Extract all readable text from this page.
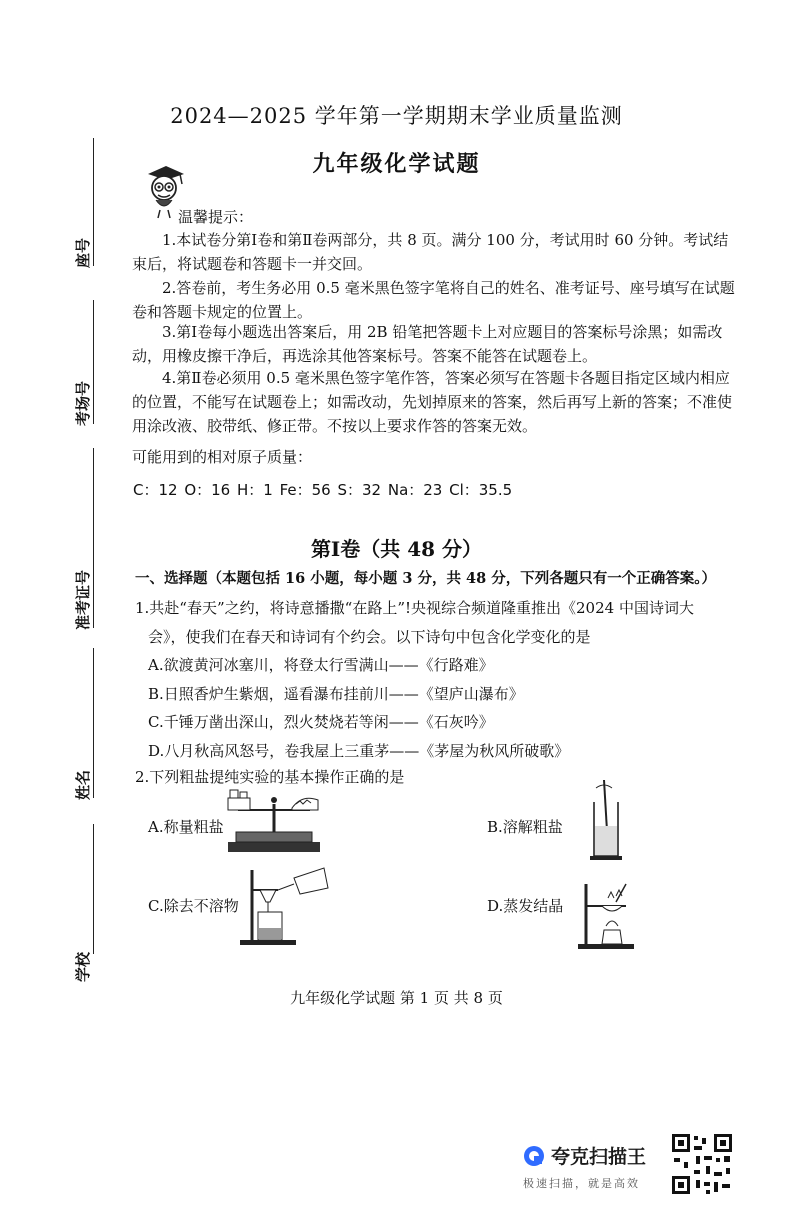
2024—2025 学年第一学期期末学业质量监测
九年级化学试题
温馨提示：
1.本试卷分第Ⅰ卷和第Ⅱ卷两部分，共 8 页。满分 100 分，考试用时 60 分钟。考试结束后，将试题卷和答题卡一并交回。
2.答卷前，考生务必用 0.5 毫米黑色签字笔将自己的姓名、准考证号、座号填写在试题卷和答题卡规定的位置上。
3.第Ⅰ卷每小题选出答案后，用 2B 铅笔把答题卡上对应题目的答案标号涂黑；如需改动，用橡皮擦干净后，再选涂其他答案标号。答案不能答在试题卷上。
4.第Ⅱ卷必须用 0.5 毫米黑色签字笔作答，答案必须写在答题卡各题目指定区域内相应的位置，不能写在试题卷上；如需改动，先划掉原来的答案，然后再写上新的答案；不准使用涂改液、胶带纸、修正带。不按以上要求作答的答案无效。
可能用到的相对原子质量：
C：12 O：16 H：1 Fe：56 S：32 Na：23 Cl：35.5
座号
考场号
准考证号
姓名
学校
第Ⅰ卷（共 48 分）
一、选择题（本题包括 16 小题，每小题 3 分，共 48 分，下列各题只有一个正确答案。）
1.共赴“春天”之约，将诗意播撒“在路上”!央视综合频道隆重推出《2024 中国诗词大
会》，使我们在春天和诗词有个约会。以下诗句中包含化学变化的是
A.欲渡黄河冰塞川，将登太行雪满山——《行路难》
B.日照香炉生紫烟，遥看瀑布挂前川——《望庐山瀑布》
C.千锤万凿出深山，烈火焚烧若等闲——《石灰吟》
D.八月秋高风怒号，卷我屋上三重茅——《茅屋为秋风所破歌》
2.下列粗盐提纯实验的基本操作正确的是
A.称量粗盐	B.溶解粗盐
C.除去不溶物	D.蒸发结晶
九年级化学试题 第 1 页 共 8 页
夸克扫描王
极速扫描，就是高效
